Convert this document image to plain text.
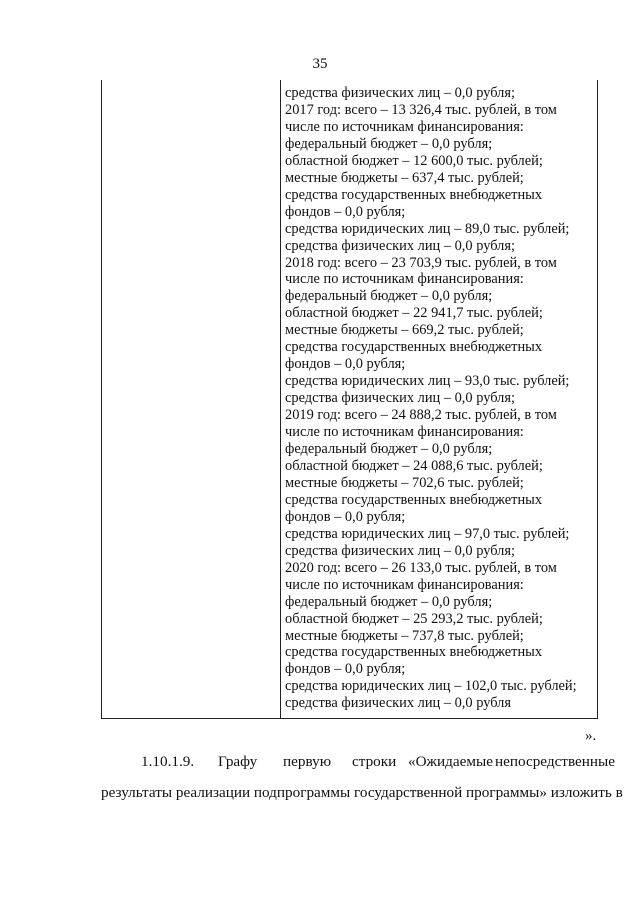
35
средства физических лиц – 0,0 рубля;
2017 год: всего – 13 326,4 тыс. рублей, в том
числе по источникам финансирования:
федеральный бюджет – 0,0 рубля;
областной бюджет – 12 600,0 тыс. рублей;
местные бюджеты – 637,4 тыс. рублей;
средства государственных внебюджетных
фондов – 0,0 рубля;
средства юридических лиц – 89,0 тыс. рублей;
средства физических лиц – 0,0 рубля;
2018 год: всего – 23 703,9 тыс. рублей, в том
числе по источникам финансирования:
федеральный бюджет – 0,0 рубля;
областной бюджет – 22 941,7 тыс. рублей;
местные бюджеты – 669,2 тыс. рублей;
средства государственных внебюджетных
фондов – 0,0 рубля;
средства юридических лиц – 93,0 тыс. рублей;
средства физических лиц – 0,0 рубля;
2019 год: всего – 24 888,2 тыс. рублей, в том
числе по источникам финансирования:
федеральный бюджет – 0,0 рубля;
областной бюджет – 24 088,6 тыс. рублей;
местные бюджеты – 702,6 тыс. рублей;
средства государственных внебюджетных
фондов – 0,0 рубля;
средства юридических лиц – 97,0 тыс. рублей;
средства физических лиц – 0,0 рубля;
2020 год: всего – 26 133,0 тыс. рублей, в том
числе по источникам финансирования:
федеральный бюджет – 0,0 рубля;
областной бюджет – 25 293,2 тыс. рублей;
местные бюджеты – 737,8 тыс. рублей;
средства государственных внебюджетных
фондов – 0,0 рубля;
средства юридических лиц – 102,0 тыс. рублей;
средства физических лиц – 0,0 рубля
».
1.10.1.9. Графу первую строки «Ожидаемые непосредственные
результаты реализации подпрограммы государственной программы» изложить в
